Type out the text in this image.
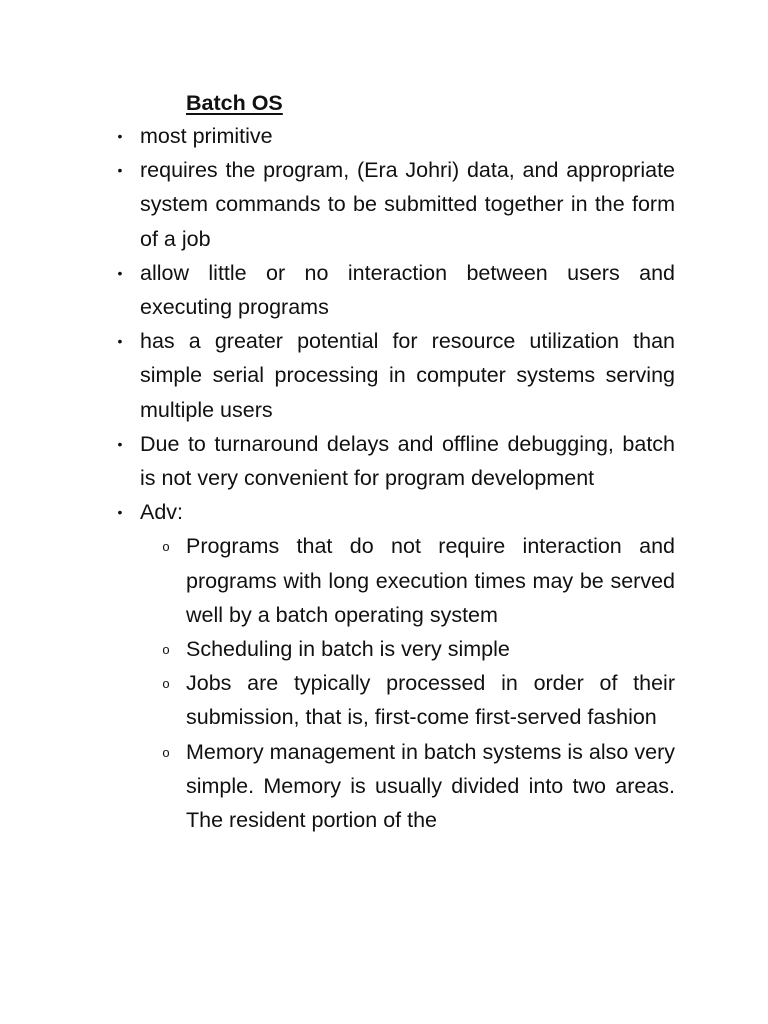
Batch OS
• most primitive
• requires the program, (Era Johri) data, and appropriate system commands to be submitted together in the form of a job
• allow little or no interaction between users and executing programs
• has a greater potential for resource utilization than simple serial processing in computer systems serving multiple users
• Due to turnaround delays and offline debugging, batch is not very convenient for program development
• Adv:
o Programs that do not require interaction and programs with long execution times may be served well by a batch operating system
o Scheduling in batch is very simple
o Jobs are typically processed in order of their submission, that is, first-come first-served fashion
o Memory management in batch systems is also very simple. Memory is usually divided into two areas. The resident portion of the
